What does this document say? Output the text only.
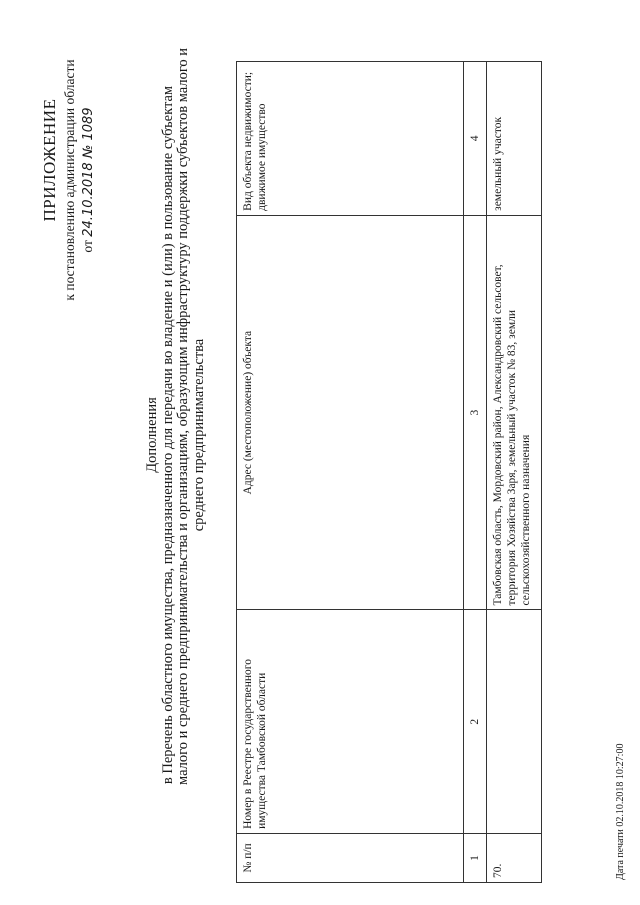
ПРИЛОЖЕНИЕ к постановлению администрации области от 24.10.2018 № 1089
Дополнения в Перечень областного имущества, предназначенного для передачи во владение и (или) в пользование субъектам малого и среднего предпринимательства и организациям, образующим инфраструктуру поддержки субъектов малого и среднего предпринимательства
№ п/п	Номер в Реестре государственного имущества Тамбовской области	Адрес (местоположение) объекта	Вид объекта недвижимости; движимое имущество
1	2	3	4
70.		Тамбовская область, Мордовский район, Александровский сельсовет, территория Хозяйства Заря, земельный участок № 83, земли сельскохозяйственного назначения	земельный участок
Дата печати 02.10.2018 10:27:00
